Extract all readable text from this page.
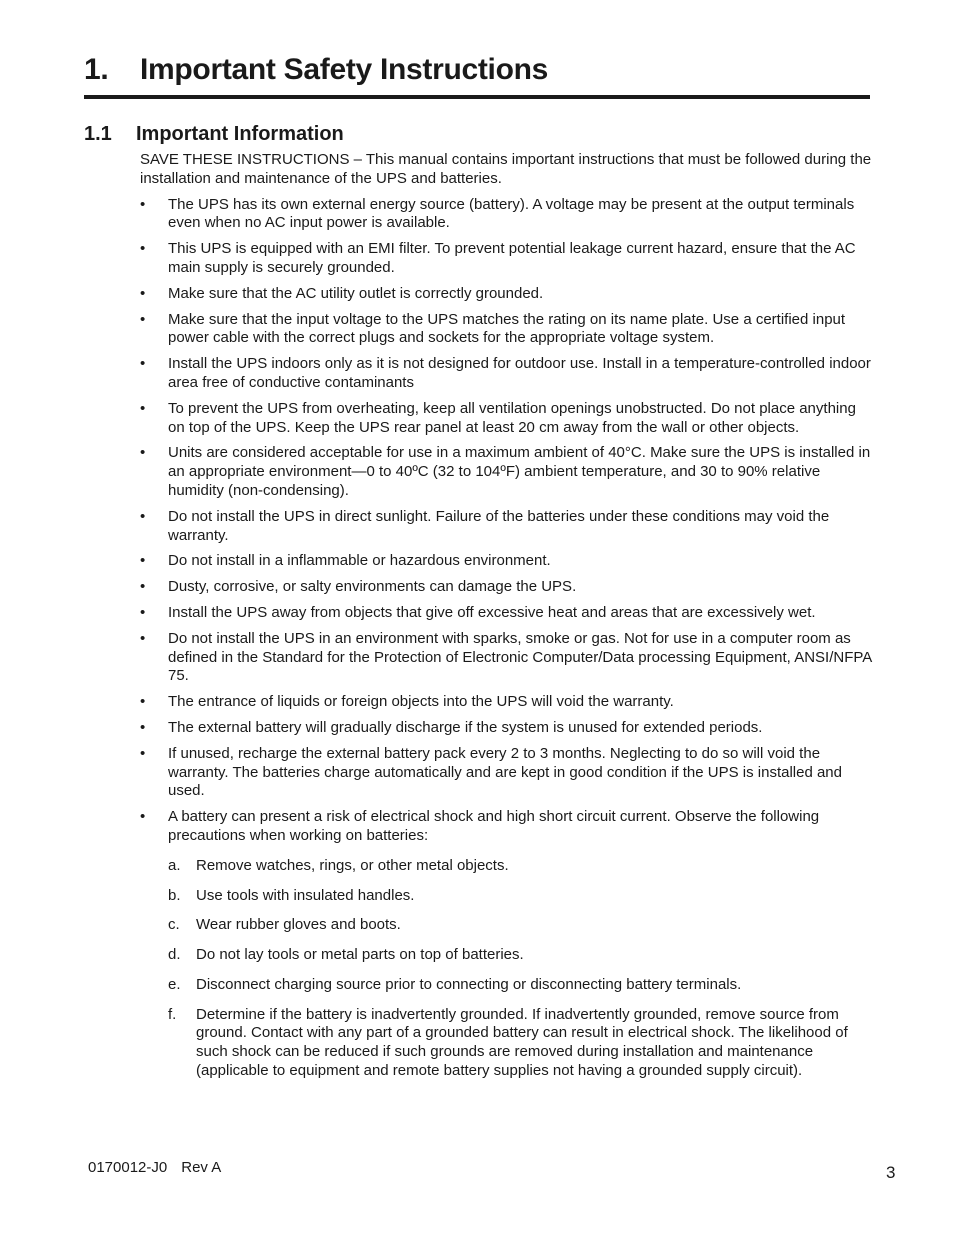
1. Important Safety Instructions
1.1 Important Information

SAVE THESE INSTRUCTIONS – This manual contains important instructions that must be followed during the installation and maintenance of the UPS and batteries.

•	The UPS has its own external energy source (battery). A voltage may be present at the output terminals even when no AC input power is available.
•	This UPS is equipped with an EMI filter. To prevent potential leakage current hazard, ensure that the AC main supply is securely grounded.
•	Make sure that the AC utility outlet is correctly grounded.
•	Make sure that the input voltage to the UPS matches the rating on its name plate. Use a certified input power cable with the correct plugs and sockets for the appropriate voltage system.
•	Install the UPS indoors only as it is not designed for outdoor use. Install in a temperature-controlled indoor area free of conductive contaminants
•	To prevent the UPS from overheating, keep all ventilation openings unobstructed. Do not place anything on top of the UPS. Keep the UPS rear panel at least 20 cm away from the wall or other objects.
•	Units are considered acceptable for use in a maximum ambient of 40°C. Make sure the UPS is installed in an appropriate environment—0 to 40ºC (32 to 104ºF) ambient temperature, and 30 to 90% relative humidity (non-condensing).
•	Do not install the UPS in direct sunlight. Failure of the batteries under these conditions may void the warranty.
•	Do not install in a inflammable or hazardous environment.
•	Dusty, corrosive, or salty environments can damage the UPS.
•	Install the UPS away from objects that give off excessive heat and areas that are excessively wet.
•	Do not install the UPS in an environment with sparks, smoke or gas. Not for use in a computer room as defined in the Standard for the Protection of Electronic Computer/Data processing Equipment, ANSI/NFPA 75.
•	The entrance of liquids or foreign objects into the UPS will void the warranty.
•	The external battery will gradually discharge if the system is unused for extended periods.
•	If unused, recharge the external battery pack every 2 to 3 months. Neglecting to do so will void the warranty. The batteries charge automatically and are kept in good condition if the UPS is installed and used.
•	A battery can present a risk of electrical shock and high short circuit current. Observe the following precautions when working on batteries:
a.	Remove watches, rings, or other metal objects.
b.	Use tools with insulated handles.
c.	Wear rubber gloves and boots.
d.	Do not lay tools or metal parts on top of batteries.
e.	Disconnect charging source prior to connecting or disconnecting battery terminals.
f.	Determine if the battery is inadvertently grounded. If inadvertently grounded, remove source from ground. Contact with any part of a grounded battery can result in electrical shock. The likelihood of such shock can be reduced if such grounds are removed during installation and maintenance (applicable to equipment and remote battery supplies not having a grounded supply circuit).
0170012-J0 Rev A	3
